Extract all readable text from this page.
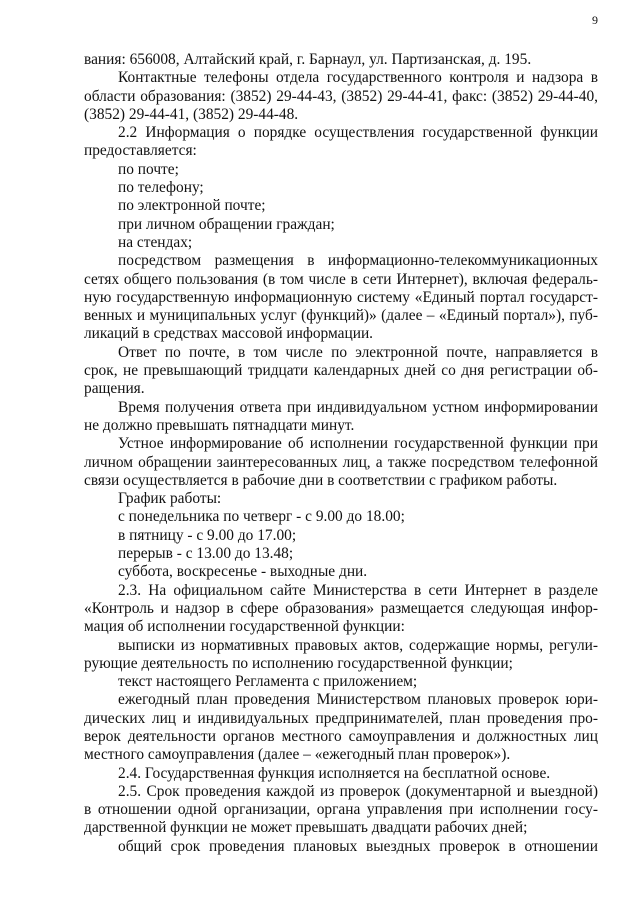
9
вания: 656008, Алтайский край, г. Барнаул, ул. Партизанская, д. 195.
Контактные телефоны отдела государственного контроля и надзора в
области образования: (3852) 29-44-43, (3852) 29-44-41, факс: (3852) 29-44-40,
(3852) 29-44-41, (3852) 29-44-48.
2.2 Информация о порядке осуществления государственной функции
предоставляется:
по почте;
по телефону;
по электронной почте;
при личном обращении граждан;
на стендах;
посредством размещения в информационно-телекоммуникационных
сетях общего пользования (в том числе в сети Интернет), включая федераль-
ную государственную информационную систему «Единый портал государст-
венных и муниципальных услуг (функций)» (далее – «Единый портал»), пуб-
ликаций в средствах массовой информации.
Ответ по почте, в том числе по электронной почте, направляется в
срок, не превышающий тридцати календарных дней со дня регистрации об-
ращения.
Время получения ответа при индивидуальном устном информировании
не должно превышать пятнадцати минут.
Устное информирование об исполнении государственной функции при
личном обращении заинтересованных лиц, а также посредством телефонной
связи осуществляется в рабочие дни в соответствии с графиком работы.
График работы:
с понедельника по четверг - с 9.00 до 18.00;
в пятницу - с 9.00 до 17.00;
перерыв - с 13.00 до 13.48;
суббота, воскресенье - выходные дни.
2.3. На официальном сайте Министерства в сети Интернет в разделе
«Контроль и надзор в сфере образования» размещается следующая инфор-
мация об исполнении государственной функции:
выписки из нормативных правовых актов, содержащие нормы, регули-
рующие деятельность по исполнению государственной функции;
текст настоящего Регламента с приложением;
ежегодный план проведения Министерством плановых проверок юри-
дических лиц и индивидуальных предпринимателей, план проведения про-
верок деятельности органов местного самоуправления и должностных лиц
местного самоуправления (далее – «ежегодный план проверок»).
2.4. Государственная функция исполняется на бесплатной основе.
2.5. Срок проведения каждой из проверок (документарной и выездной)
в отношении одной организации, органа управления при исполнении госу-
дарственной функции не может превышать двадцати рабочих дней;
общий срок проведения плановых выездных проверок в отношении
